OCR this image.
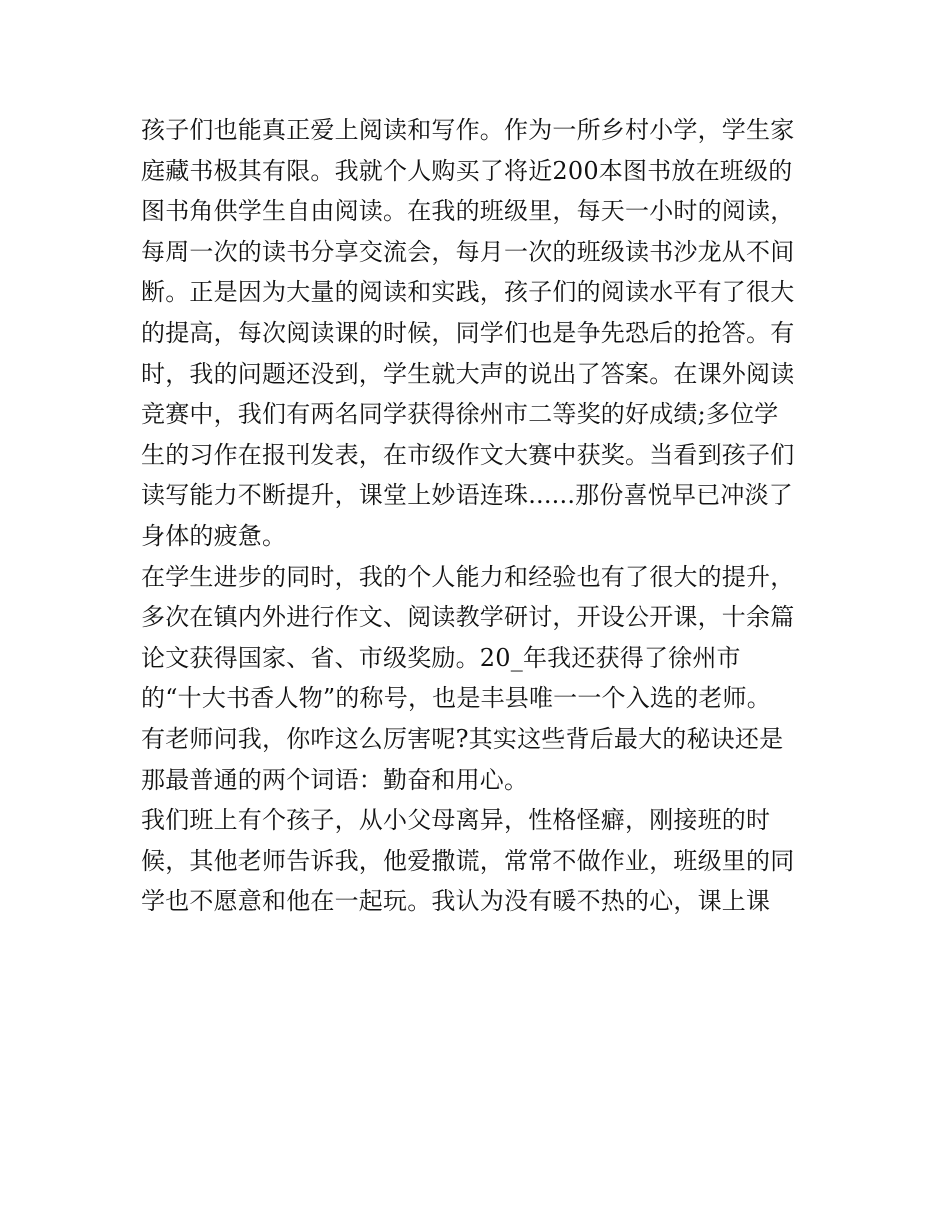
孩子们也能真正爱上阅读和写作。作为一所乡村小学，学生家
庭藏书极其有限。我就个人购买了将近200本图书放在班级的
图书角供学生自由阅读。在我的班级里，每天一小时的阅读，
每周一次的读书分享交流会，每月一次的班级读书沙龙从不间
断。正是因为大量的阅读和实践，孩子们的阅读水平有了很大
的提高，每次阅读课的时候，同学们也是争先恐后的抢答。有
时，我的问题还没到，学生就大声的说出了答案。在课外阅读
竞赛中，我们有两名同学获得徐州市二等奖的好成绩;多位学
生的习作在报刊发表，在市级作文大赛中获奖。当看到孩子们
读写能力不断提升，课堂上妙语连珠......那份喜悦早已冲淡了
身体的疲惫。
在学生进步的同时，我的个人能力和经验也有了很大的提升，
多次在镇内外进行作文、阅读教学研讨，开设公开课，十余篇
论文获得国家、省、市级奖励。20_年我还获得了徐州市
的“十大书香人物”的称号，也是丰县唯一一个入选的老师。
有老师问我，你咋这么厉害呢?其实这些背后最大的秘诀还是
那最普通的两个词语：勤奋和用心。
我们班上有个孩子，从小父母离异，性格怪癖，刚接班的时
候，其他老师告诉我，他爱撒谎，常常不做作业，班级里的同
学也不愿意和他在一起玩。我认为没有暖不热的心，课上课
